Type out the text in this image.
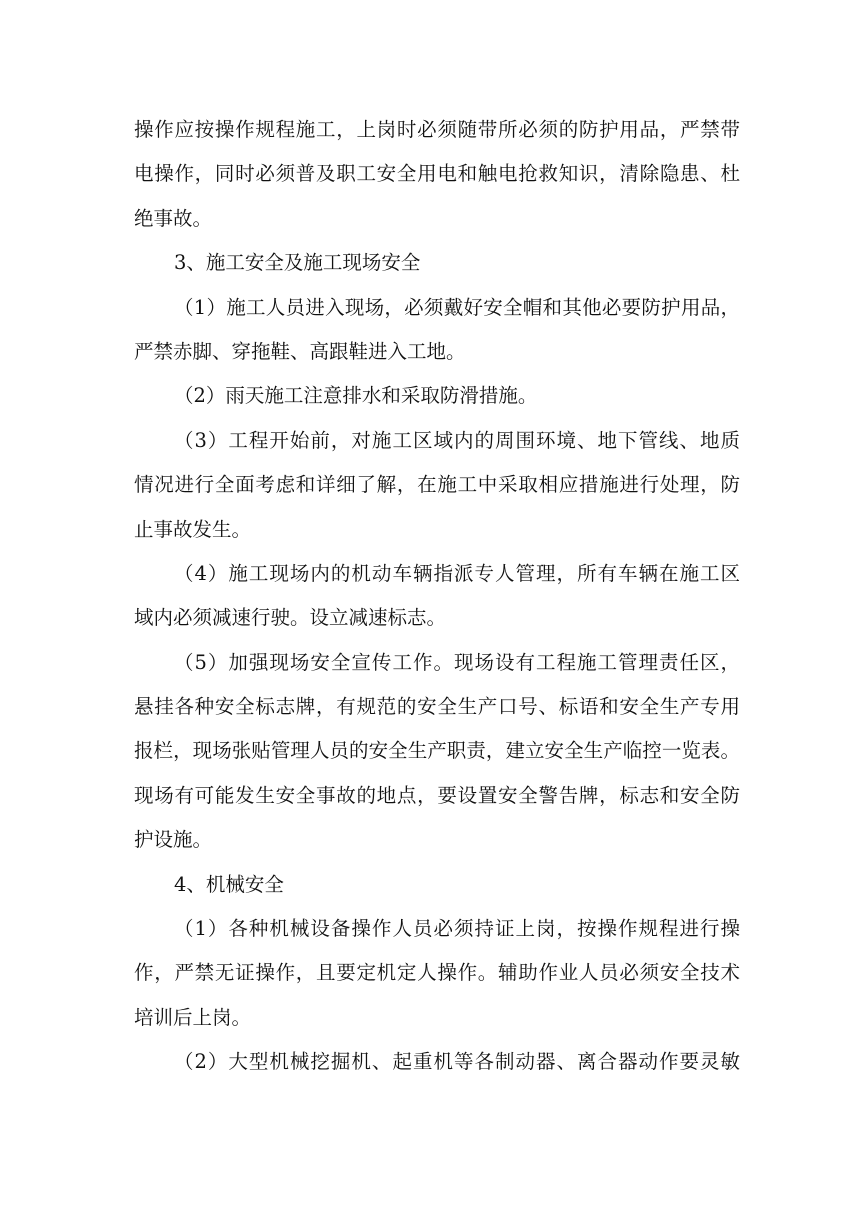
操作应按操作规程施工，上岗时必须随带所必须的防护用品，严禁带
电操作，同时必须普及职工安全用电和触电抢救知识，清除隐患、杜
绝事故。
3、施工安全及施工现场安全
（1）施工人员进入现场，必须戴好安全帽和其他必要防护用品，
严禁赤脚、穿拖鞋、高跟鞋进入工地。
（2）雨天施工注意排水和采取防滑措施。
（3）工程开始前，对施工区域内的周围环境、地下管线、地质
情况进行全面考虑和详细了解，在施工中采取相应措施进行处理，防
止事故发生。
（4）施工现场内的机动车辆指派专人管理，所有车辆在施工区
域内必须减速行驶。设立减速标志。
（5）加强现场安全宣传工作。现场设有工程施工管理责任区，
悬挂各种安全标志牌，有规范的安全生产口号、标语和安全生产专用
报栏，现场张贴管理人员的安全生产职责，建立安全生产临控一览表。
现场有可能发生安全事故的地点，要设置安全警告牌，标志和安全防
护设施。
4、机械安全
（1）各种机械设备操作人员必须持证上岗，按操作规程进行操
作，严禁无证操作，且要定机定人操作。辅助作业人员必须安全技术
培训后上岗。
（2）大型机械挖掘机、起重机等各制动器、离合器动作要灵敏
